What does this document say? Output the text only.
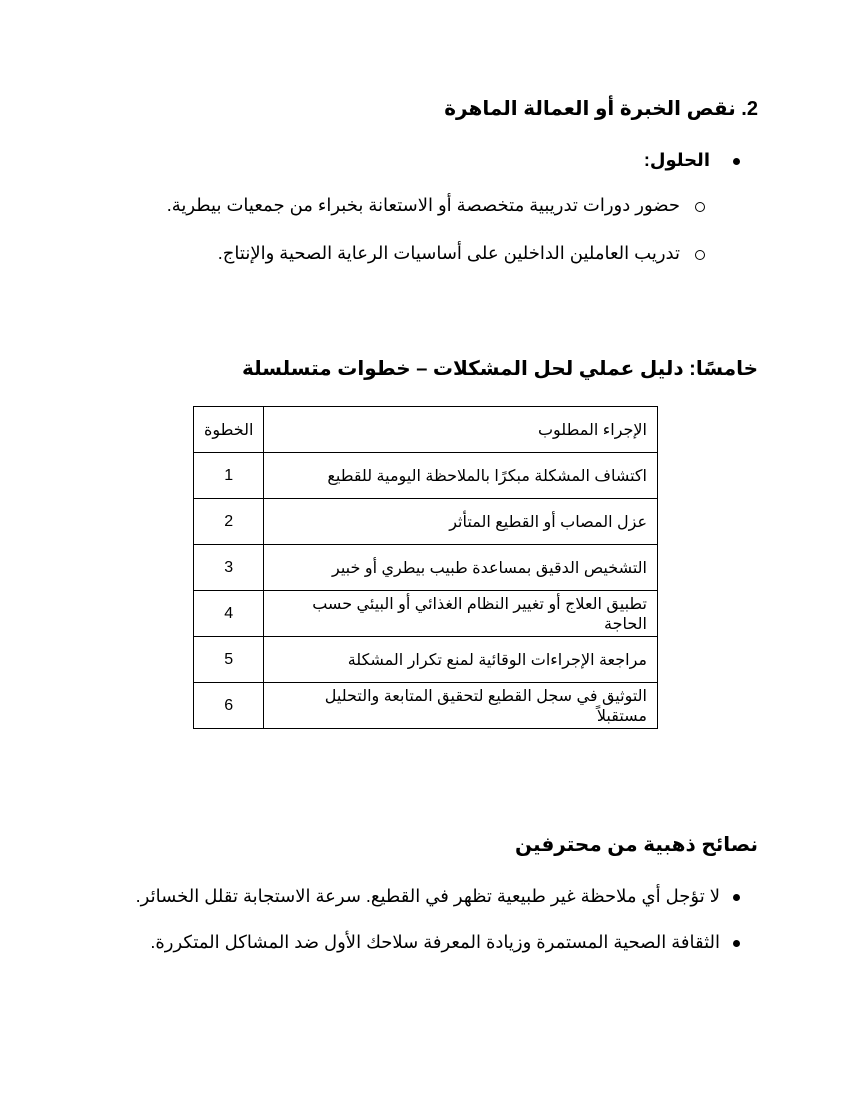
2. نقص الخبرة أو العمالة الماهرة
الحلول:
حضور دورات تدريبية متخصصة أو الاستعانة بخبراء من جمعيات بيطرية.
تدريب العاملين الداخلين على أساسيات الرعاية الصحية والإنتاج.
خامسًا: دليل عملي لحل المشكلات – خطوات متسلسلة
الإجراء المطلوب	الخطوة
اكتشاف المشكلة مبكرًا بالملاحظة اليومية للقطيع	1
عزل المصاب أو القطيع المتأثر	2
التشخيص الدقيق بمساعدة طبيب بيطري أو خبير	3
تطبيق العلاج أو تغيير النظام الغذائي أو البيئي حسب الحاجة	4
مراجعة الإجراءات الوقائية لمنع تكرار المشكلة	5
التوثيق في سجل القطيع لتحقيق المتابعة والتحليل مستقبلاً	6
نصائح ذهبية من محترفين
لا تؤجل أي ملاحظة غير طبيعية تظهر في القطيع. سرعة الاستجابة تقلل الخسائر.
الثقافة الصحية المستمرة وزيادة المعرفة سلاحك الأول ضد المشاكل المتكررة.
